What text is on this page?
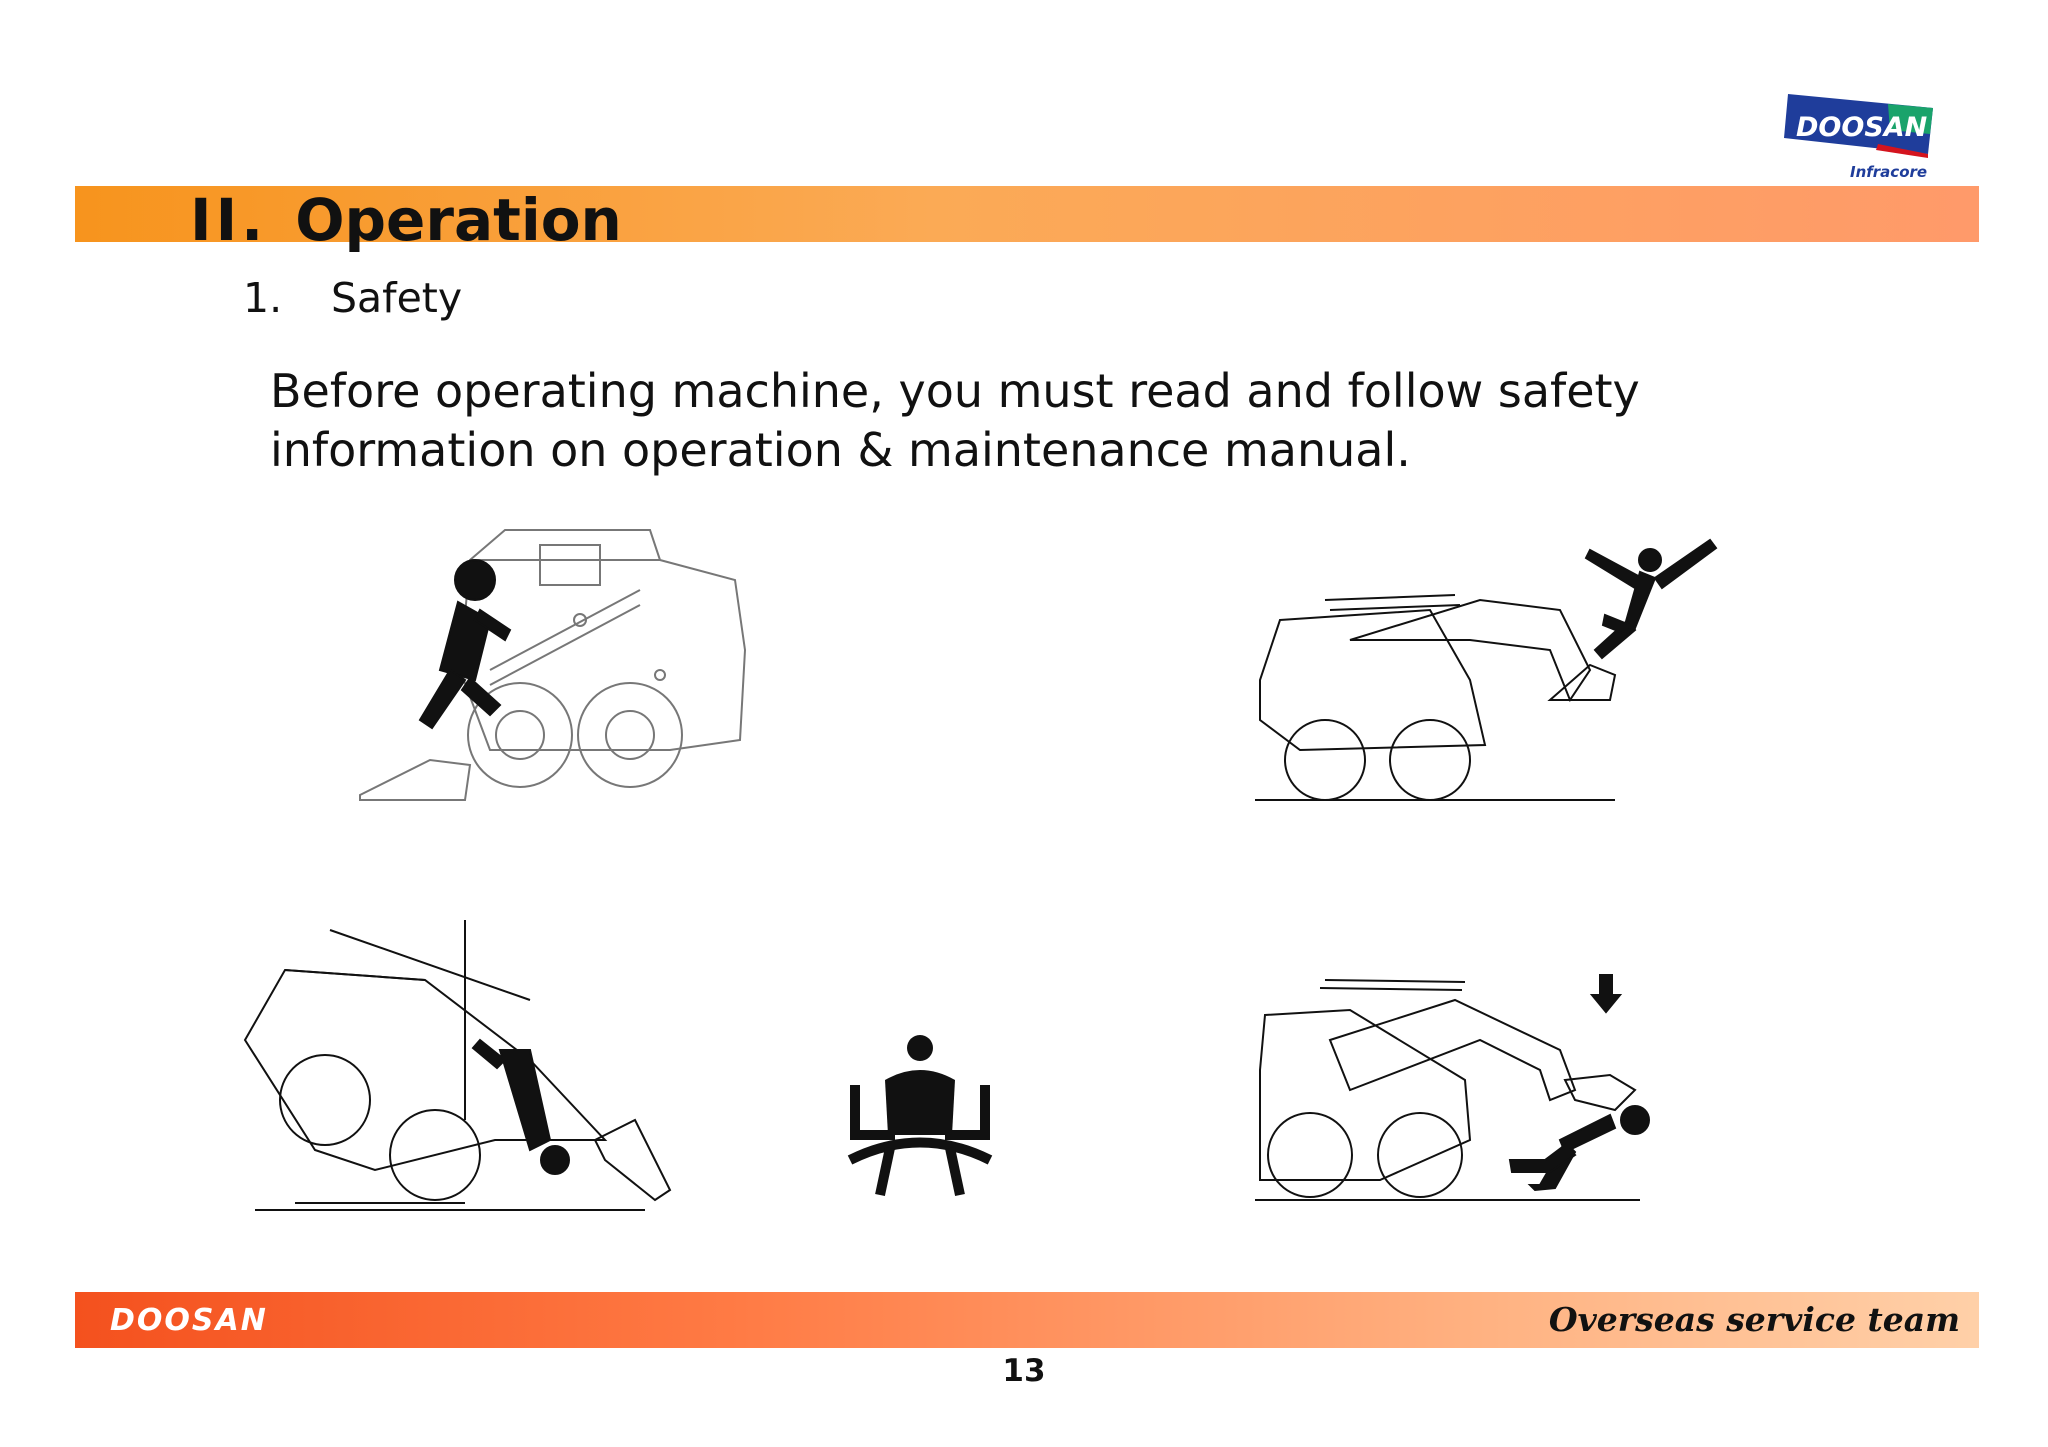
DOOSAN
Infracore
II. Operation
1. Safety

Before operating machine, you must read and follow safety information on operation & maintenance manual.

DOOSAN	Overseas service team
13
